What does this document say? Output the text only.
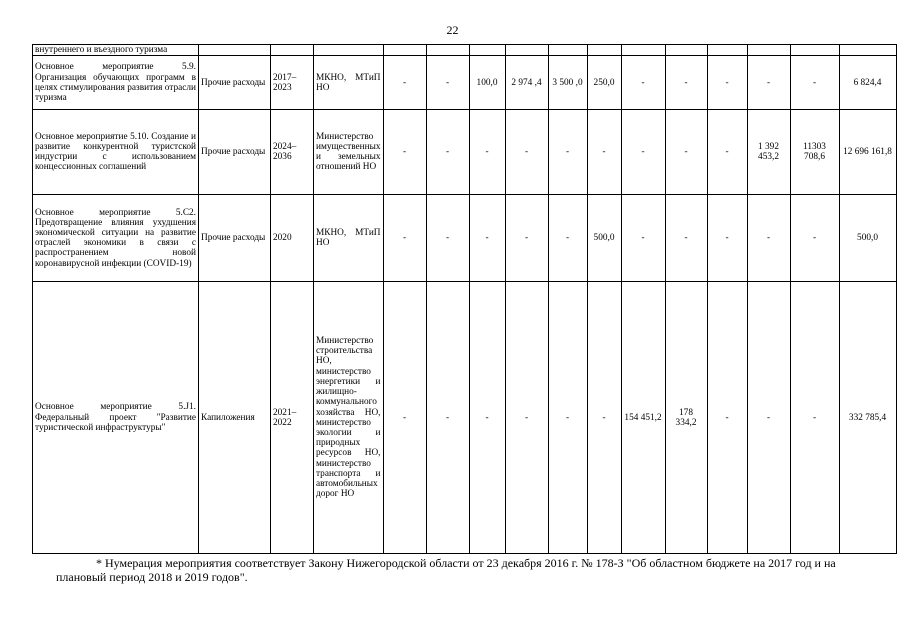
22
внутреннего и въездного туризма															
Основное мероприятие 5.9. Организация обучающих программ в целях стимулирования развития отрасли туризма	Прочие расходы	2017–2023	МКНО, МТиП НО	-	-	100,0	2 974 ,4	3 500 ,0	250,0	-	-	-	-	-	6 824,4
Основное мероприятие 5.10. Создание и развитие конкурентной туристской индустрии с использованием концессионных соглашений	Прочие расходы	2024–2036	Министерство имущественных и земельных отношений НО	-	-	-	-	-	-	-	-	-	1 392 453,2	11303 708,6	12 696 161,8
Основное мероприятие 5.С2. Предотвращение влияния ухудшения экономической ситуации на развитие отраслей экономики в связи с распространением новой коронавирусной инфекции (COVID-19)	Прочие расходы	2020	МКНО, МТиП НО	-	-	-	-	-	500,0	-	-	-	-	-	500,0
Основное мероприятие 5.J1. Федеральный проект "Развитие туристической инфраструктуры"	Капиложения	2021–2022	Министерство строительства НО, министерство энергетики и жилищно-коммунального хозяйства НО, министерство экологии и природных ресурсов НО, министерство транспорта и автомобильных дорог НО	-	-	-	-	-	-	154 451,2	178 334,2	-	-	-	332 785,4
* Нумерация мероприятия соответствует Закону Нижегородской области от 23 декабря 2016 г. № 178-З "Об областном бюджете на 2017 год и на плановый период 2018 и 2019 годов".
